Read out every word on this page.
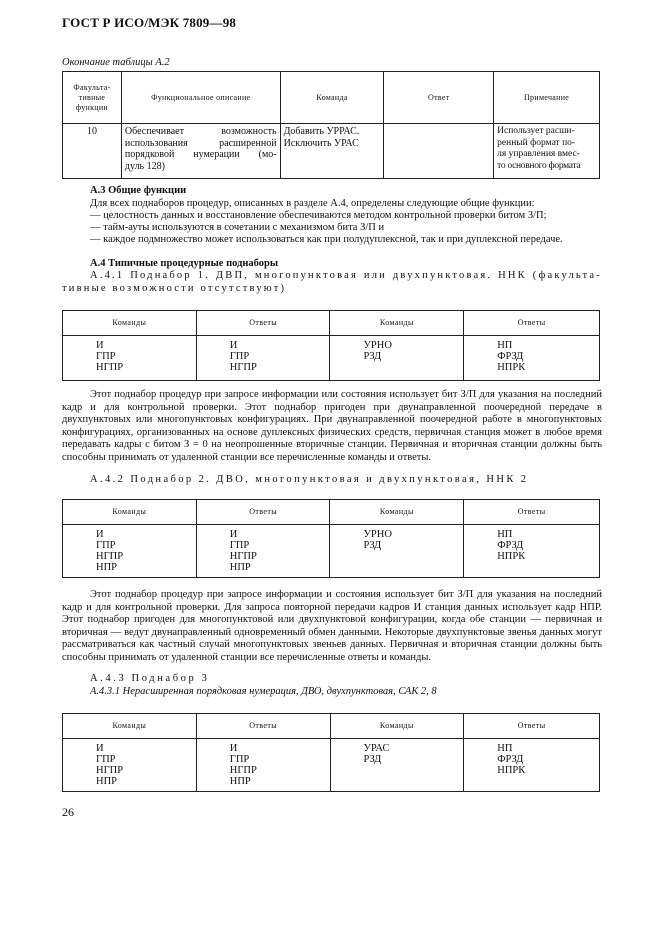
ГОСТ Р ИСО/МЭК 7809—98
Окончание таблицы А.2
Факульта-
тивные
функции	Функциональное описание	Команда	Ответ	Примечание
10	Обеспечивает возможность
использования расширенной
порядковой нумерации (мо-
дуль 128)	Добавить УРРАС.
Исключить УРАС		Использует расши-
ренный формат по-
ля управления вмес-
то основного формата
А.3 Общие функции
Для всех поднаборов процедур, описанных в разделе А.4, определены следующие общие функции:
— целостность данных и восстановление обеспечиваются методом контрольной проверки битом З/П;
— тайм-ауты используются в сочетании с механизмом бита З/П и
— каждое подмножество может использоваться как при полудуплексной, так и при дуплексной передаче.
А.4 Типичные процедурные поднаборы
А.4.1 Поднабор 1. ДВП, многопунктовая или двухпунктовая. ННК (факульта-тивные возможности отсутствуют)
Команды	Ответы	Команды	Ответы

И
ГПР
НГПР	И
ГПР
НГПР	УРНО
РЗД	НП
ФРЗД
НПРК
Этот поднабор процедур при запросе информации или состояния использует бит З/П для указания на последний кадр и для контрольной проверки. Этот поднабор пригоден при двунаправленной поочередной передаче в двухпунктовых или многопунктовых конфигурациях. При двунаправленной поочередной работе в многопунктовых конфигурациях, организованных на основе дуплексных физических средств, первичная станция может в любое время передавать кадры с битом З = 0 на неопрошенные вторичные станции. Первичная и вторичная станции должны быть способны принимать от удаленной станции все перечисленные команды и ответы.
А.4.2 Поднабор 2. ДВО, многопунктовая и двухпунктовая, ННК 2
Команды	Ответы	Команды	Ответы

И
ГПР
НГПР
НПР	И
ГПР
НГПР
НПР	УРНО
РЗД	НП
ФРЗД
НПРК
Этот поднабор процедур при запросе информации и состояния использует бит З/П для указания на последний кадр и для контрольной проверки. Для запроса повторной передачи кадров И станция данных использует кадр НПР. Этот поднабор пригоден для многопунктовой или двухпунктовой конфигурации, когда обе станции — первичная и вторичная — ведут двунаправленный одновременный обмен данными. Некоторые двухпунктовые звенья данных могут рассматриваться как частный случай многопунктовых звеньев данных. Первичная и вторичная станции должны быть способны принимать от удаленной станции все перечисленные ответы и команды.
А.4.3 Поднабор 3
А.4.3.1 Нерасширенная порядковая нумерация, ДВО, двухпунктовая, САК 2, 8
Команды	Ответы	Команды	Ответы

И
ГПР
НГПР
НПР	И
ГПР
НГПР
НПР	УРАС
РЗД	НП
ФРЗД
НПРК
26
